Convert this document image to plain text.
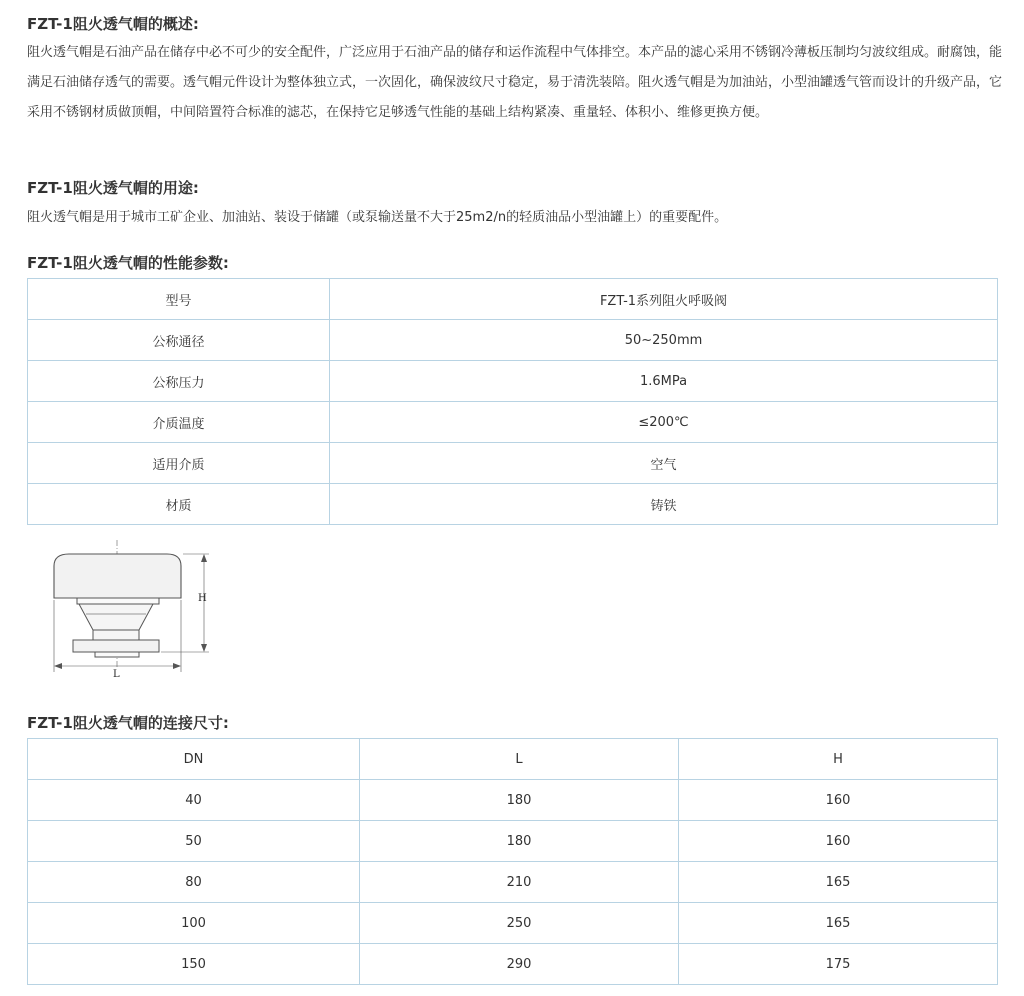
FZT-1阻火透气帽的概述:

阻火透气帽是石油产品在储存中必不可少的安全配件，广泛应用于石油产品的储存和运作流程中气体排空。本产品的滤心采用不锈钢冷薄板压制均匀波纹组成。耐腐蚀，能满足石油储存透气的需要。透气帽元件设计为整体独立式，一次固化，确保波纹尺寸稳定，易于清洗装陪。阻火透气帽是为加油站，小型油罐透气管而设计的升级产品，它采用不锈钢材质做顶帽，中间陪置符合标准的滤芯，在保持它足够透气性能的基础上结构紧凑、重量轻、体积小、维修更换方便。

FZT-1阻火透气帽的用途:

阻火透气帽是用于城市工矿企业、加油站、装设于储罐（或泵输送量不大于25m2/n的轻质油品小型油罐上）的重要配件。

FZT-1阻火透气帽的性能参数:
型号	FZT-1系列阻火呼吸阀
公称通径	50~250mm
公称压力	1.6MPa
介质温度	≤200℃
适用介质	空气
材质	铸铁
FZT-1阻火透气帽的连接尺寸:
DN	L	H
40	180	160
50	180	160
80	210	165
100	250	165
150	290	175
H
L
